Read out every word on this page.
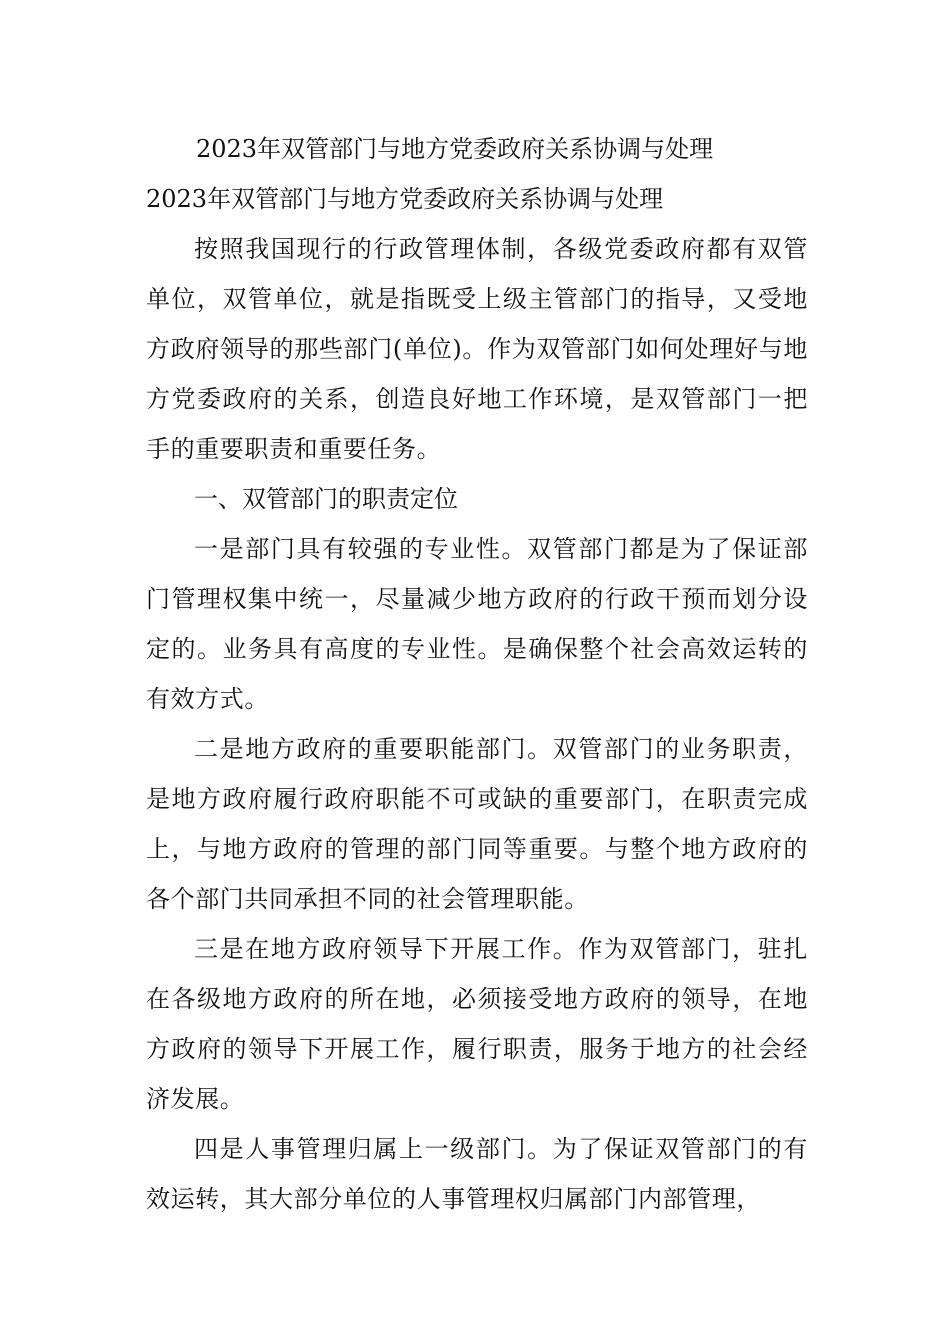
2023年双管部门与地方党委政府关系协调与处理
2023年双管部门与地方党委政府关系协调与处理

按照我国现行的行政管理体制，各级党委政府都有双管单位，双管单位，就是指既受上级主管部门的指导，又受地方政府领导的那些部门(单位)。作为双管部门如何处理好与地方党委政府的关系，创造良好地工作环境，是双管部门一把手的重要职责和重要任务。

一、双管部门的职责定位

一是部门具有较强的专业性。双管部门都是为了保证部门管理权集中统一，尽量减少地方政府的行政干预而划分设定的。业务具有高度的专业性。是确保整个社会高效运转的有效方式。

二是地方政府的重要职能部门。双管部门的业务职责，是地方政府履行政府职能不可或缺的重要部门，在职责完成上，与地方政府的管理的部门同等重要。与整个地方政府的各个部门共同承担不同的社会管理职能。

三是在地方政府领导下开展工作。作为双管部门，驻扎在各级地方政府的所在地，必须接受地方政府的领导，在地方政府的领导下开展工作，履行职责，服务于地方的社会经济发展。

四是人事管理归属上一级部门。为了保证双管部门的有效运转，其大部分单位的人事管理权归属部门内部管理，
